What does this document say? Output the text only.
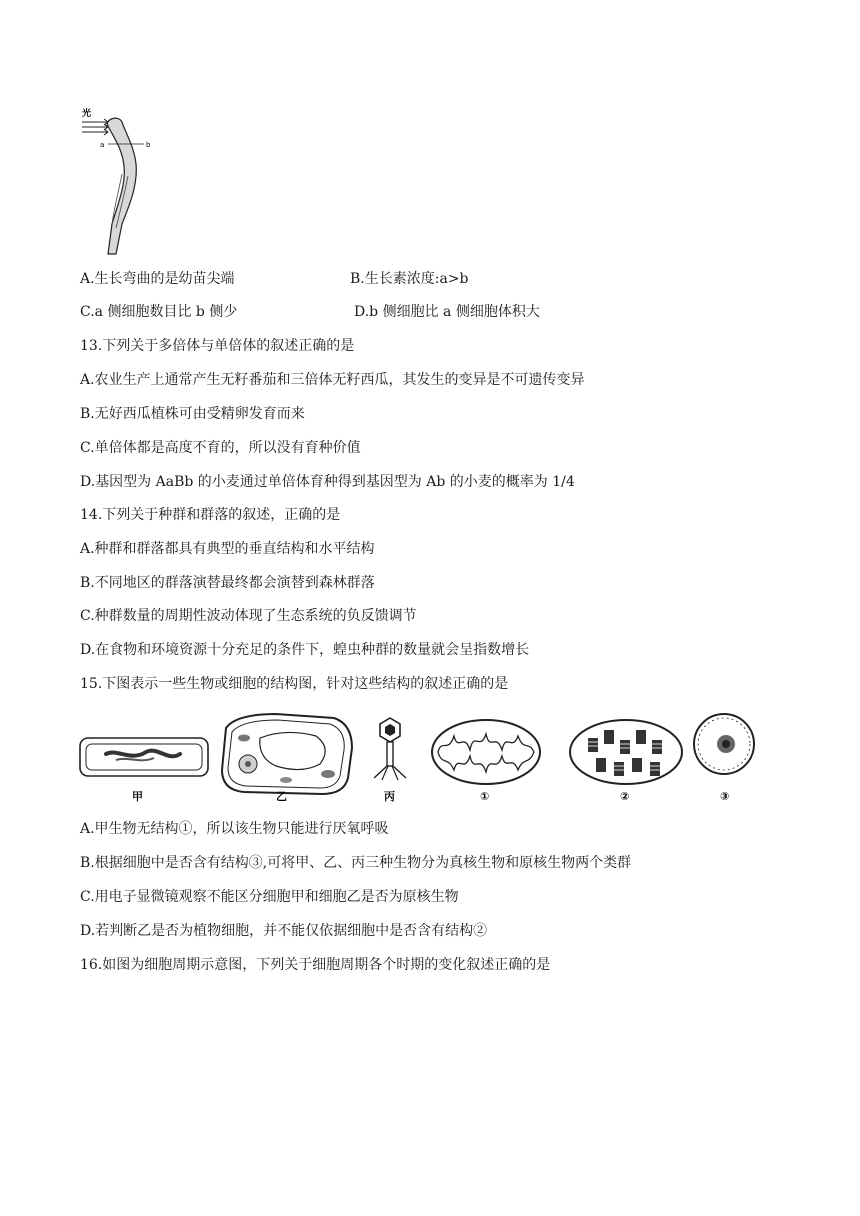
光
a	b
A.生长弯曲的是幼苗尖端	B.生长素浓度:a>b
C.a 侧细胞数目比 b 侧少	D.b 侧细胞比 a 侧细胞体积大
13.下列关于多倍体与单倍体的叙述正确的是
A.农业生产上通常产生无籽番茄和三倍体无籽西瓜，其发生的变异是不可遗传变异
B.无好西瓜植株可由受精卵发育而来
C.单倍体都是高度不育的，所以没有育种价值
D.基因型为 AaBb 的小麦通过单倍体育种得到基因型为 Ab 的小麦的概率为 1/4
14.下列关于种群和群落的叙述，正确的是
A.种群和群落都具有典型的垂直结构和水平结构
B.不同地区的群落演替最终都会演替到森林群落
C.种群数量的周期性波动体现了生态系统的负反馈调节
D.在食物和环境资源十分充足的条件下，蝗虫种群的数量就会呈指数增长
15.下图表示一些生物或细胞的结构图，针对这些结构的叙述正确的是
甲	乙	丙	①	②	③
A.甲生物无结构①，所以该生物只能进行厌氧呼吸
B.根据细胞中是否含有结构③,可将甲、乙、丙三种生物分为真核生物和原核生物两个类群
C.用电子显微镜观察不能区分细胞甲和细胞乙是否为原核生物
D.若判断乙是否为植物细胞，并不能仅依据细胞中是否含有结构②
16.如图为细胞周期示意图，下列关于细胞周期各个时期的变化叙述正确的是
